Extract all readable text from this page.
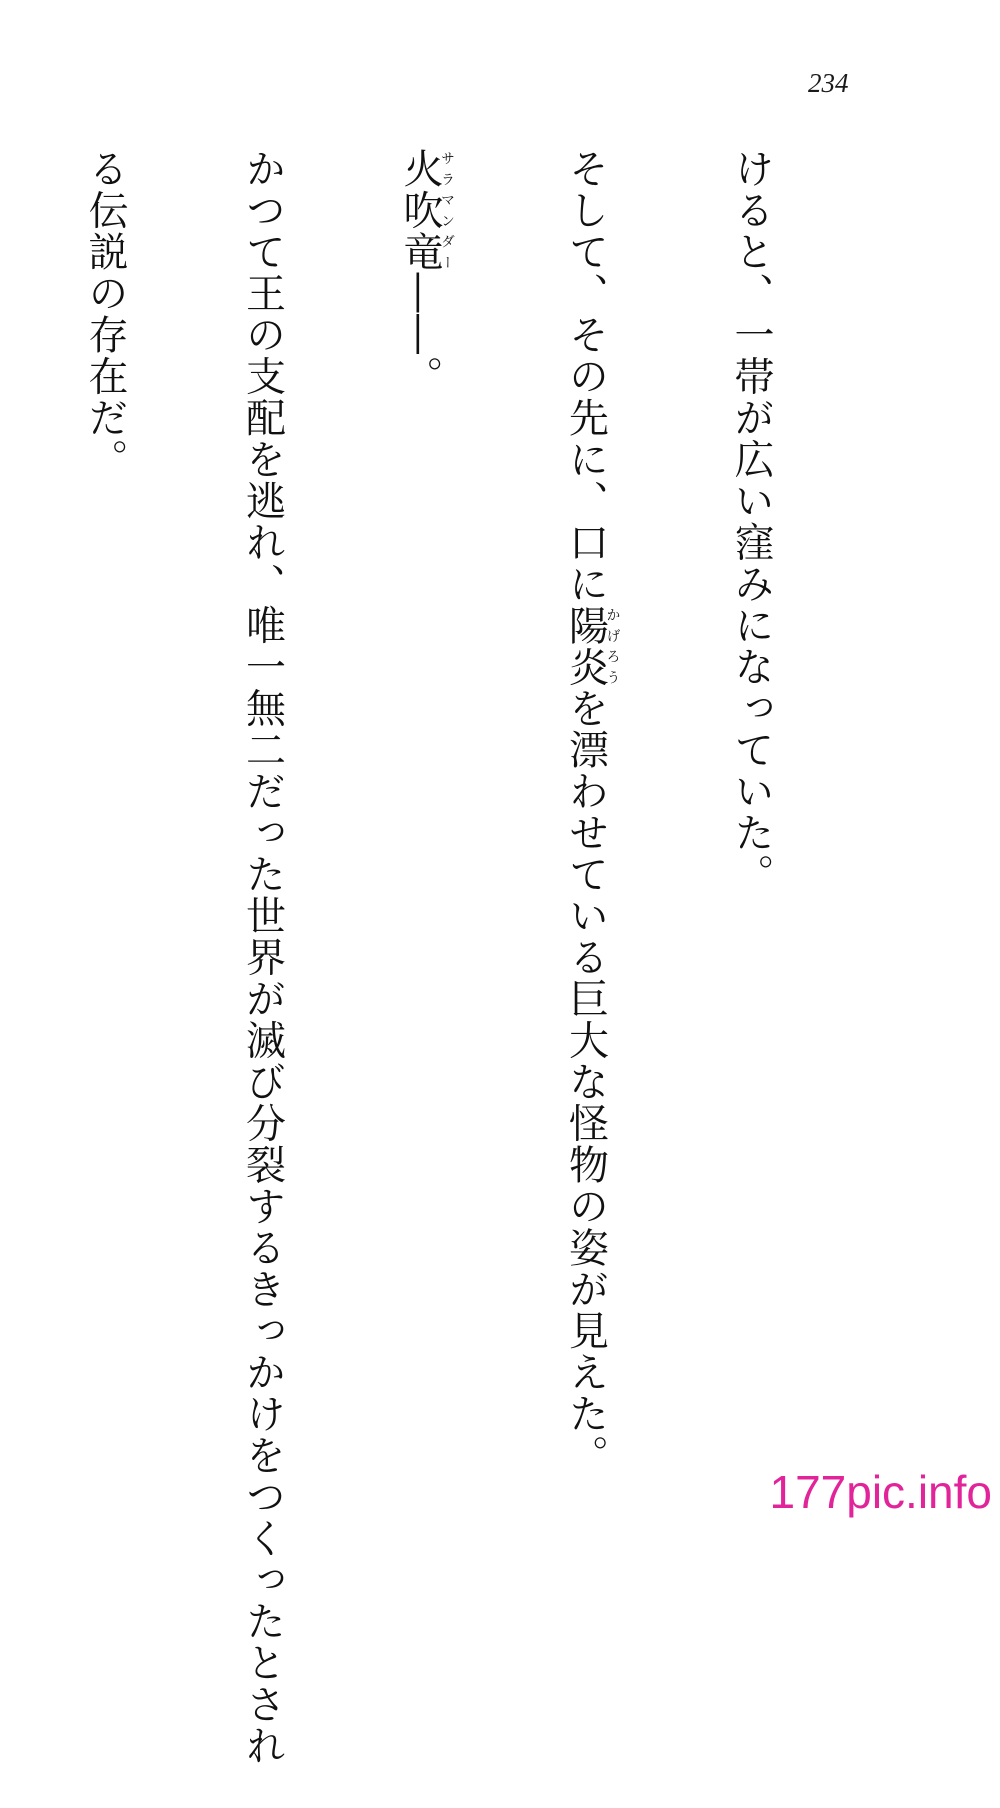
234

けると、一帯が広い窪みになっていた。

そして、その先に、口に陽炎かげろうを漂わせている巨大な怪物の姿が見えた。

火吹竜サラマンダー――。

かつて王の支配を逃れ、唯一無二だった世界が滅び分裂するきっかけをつくったとされ

る伝説の存在だ。

177pic.info
